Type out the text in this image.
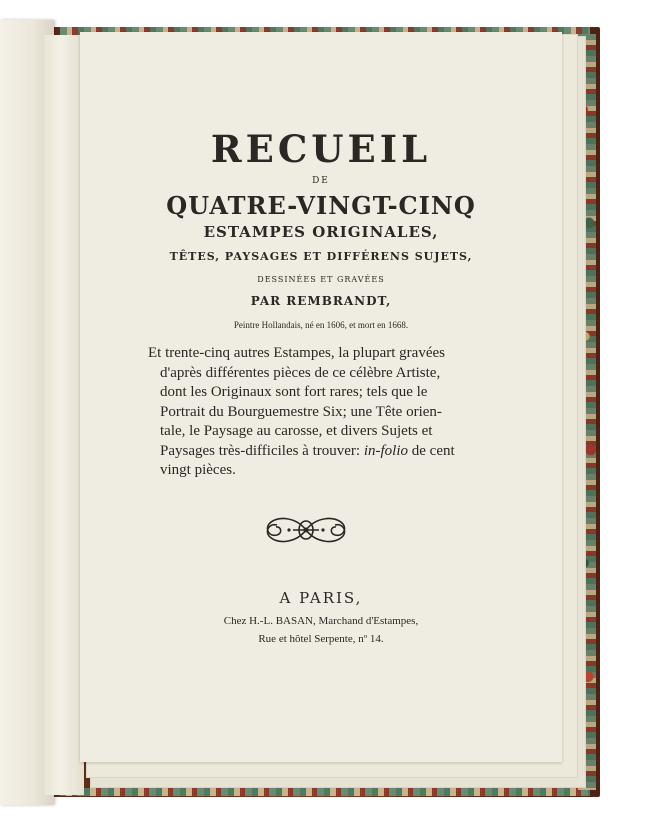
RECUEIL

DE

QUATRE-VINGT-CINQ

ESTAMPES ORIGINALES,

TÊTES, PAYSAGES ET DIFFÉRENS SUJETS,

DESSINÉES ET GRAVÉES

PAR REMBRANDT,

Peintre Hollandais, né en 1606, et mort en 1668.

Et trente-cinq autres Estampes, la plupart gravées
d'après différentes pièces de ce célèbre Artiste,
dont les Originaux sont fort rares; tels que le
Portrait du Bourguemestre Six; une Tête orien-
tale, le Paysage au carosse, et divers Sujets et
Paysages très-difficiles à trouver: in-folio de cent
vingt pièces.

A PARIS,

Chez H.-L. BASAN, Marchand d'Estampes,

Rue et hôtel Serpente, nº 14.
